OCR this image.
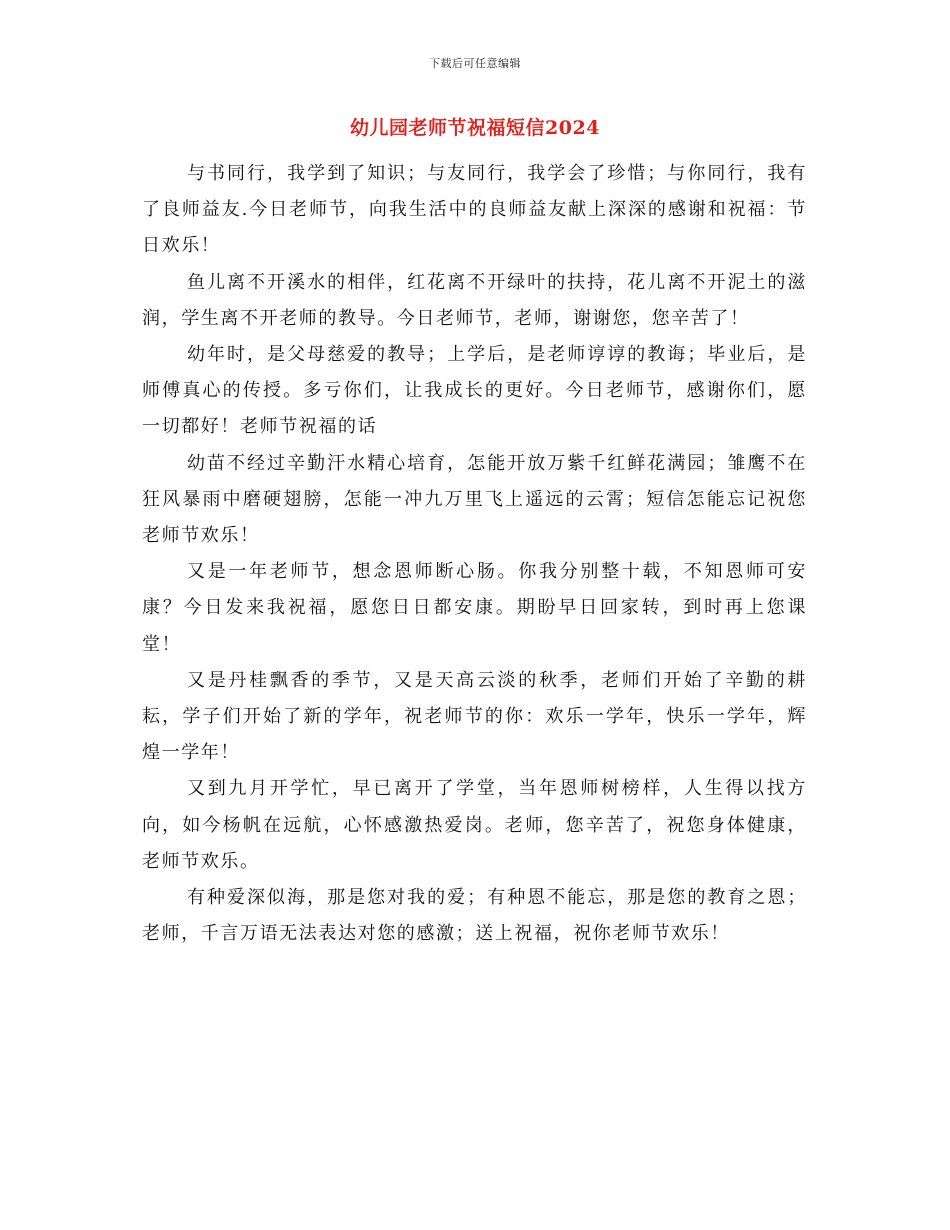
下载后可任意编辑
幼儿园老师节祝福短信2024

与书同行，我学到了知识；与友同行，我学会了珍惜；与你同行，我有了良师益友.今日老师节，向我生活中的良师益友献上深深的感谢和祝福：节日欢乐！

鱼儿离不开溪水的相伴，红花离不开绿叶的扶持，花儿离不开泥土的滋润，学生离不开老师的教导。今日老师节，老师，谢谢您，您辛苦了！

幼年时，是父母慈爱的教导；上学后，是老师谆谆的教诲；毕业后，是师傅真心的传授。多亏你们，让我成长的更好。今日老师节，感谢你们，愿一切都好！老师节祝福的话

幼苗不经过辛勤汗水精心培育，怎能开放万紫千红鲜花满园；雏鹰不在狂风暴雨中磨硬翅膀，怎能一冲九万里飞上遥远的云霄；短信怎能忘记祝您老师节欢乐！

又是一年老师节，想念恩师断心肠。你我分别整十载，不知恩师可安康？今日发来我祝福，愿您日日都安康。期盼早日回家转，到时再上您课堂！

又是丹桂飘香的季节，又是天高云淡的秋季，老师们开始了辛勤的耕耘，学子们开始了新的学年，祝老师节的你：欢乐一学年，快乐一学年，辉煌一学年！

又到九月开学忙，早已离开了学堂，当年恩师树榜样，人生得以找方向，如今杨帆在远航，心怀感激热爱岗。老师，您辛苦了，祝您身体健康，老师节欢乐。

有种爱深似海，那是您对我的爱；有种恩不能忘，那是您的教育之恩；老师，千言万语无法表达对您的感激；送上祝福，祝你老师节欢乐！
